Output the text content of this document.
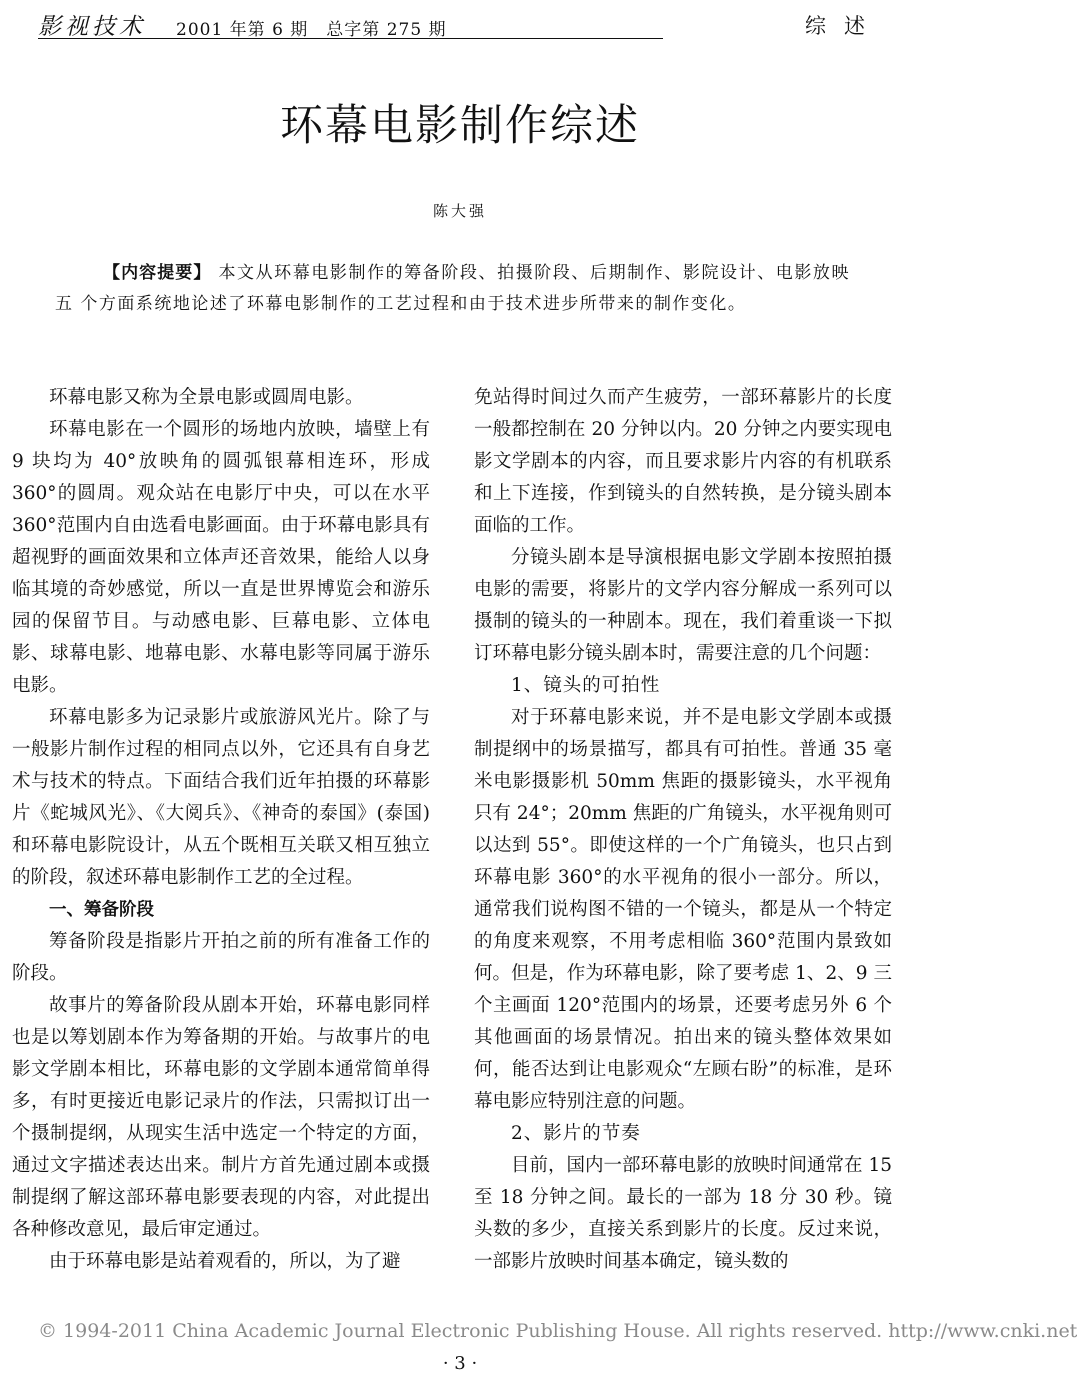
影视技术 2001 年第 6 期　总字第 275 期	综述
环幕电影制作综述
陈大强
【内容提要】 本文从环幕电影制作的筹备阶段、拍摄阶段、后期制作、影院设计、电影放映五 个方面系统地论述了环幕电影制作的工艺过程和由于技术进步所带来的制作变化。

环幕电影又称为全景电影或圆周电影。

环幕电影在一个圆形的场地内放映，墙壁上有 9 块均为 40°放映角的圆弧银幕相连环，形成 360°的圆周。观众站在电影厅中央，可以在水平 360°范围内自由选看电影画面。由于环幕电影具有超视野的画面效果和立体声还音效果，能给人以身临其境的奇妙感觉，所以一直是世界博览会和游乐园的保留节目。与动感电影、巨幕电影、立体电影、球幕电影、地幕电影、水幕电影等同属于游乐电影。

环幕电影多为记录影片或旅游风光片。除了与一般影片制作过程的相同点以外，它还具有自身艺术与技术的特点。下面结合我们近年拍摄的环幕影片《蛇城风光》、《大阅兵》、《神奇的泰国》(泰国)和环幕电影院设计，从五个既相互关联又相互独立的阶段，叙述环幕电影制作工艺的全过程。

一、筹备阶段

筹备阶段是指影片开拍之前的所有准备工作的阶段。

故事片的筹备阶段从剧本开始，环幕电影同样也是以筹划剧本作为筹备期的开始。与故事片的电影文学剧本相比，环幕电影的文学剧本通常简单得多，有时更接近电影记录片的作法，只需拟订出一个摄制提纲，从现实生活中选定一个特定的方面，通过文字描述表达出来。制片方首先通过剧本或摄制提纲了解这部环幕电影要表现的内容，对此提出各种修改意见，最后审定通过。

由于环幕电影是站着观看的，所以，为了避

免站得时间过久而产生疲劳，一部环幕影片的长度一般都控制在 20 分钟以内。20 分钟之内要实现电影文学剧本的内容，而且要求影片内容的有机联系和上下连接，作到镜头的自然转换，是分镜头剧本面临的工作。

分镜头剧本是导演根据电影文学剧本按照拍摄电影的需要，将影片的文学内容分解成一系列可以摄制的镜头的一种剧本。现在，我们着重谈一下拟订环幕电影分镜头剧本时，需要注意的几个问题：

1、镜头的可拍性

对于环幕电影来说，并不是电影文学剧本或摄制提纲中的场景描写，都具有可拍性。普通 35 毫米电影摄影机 50mm 焦距的摄影镜头，水平视角只有 24°；20mm 焦距的广角镜头，水平视角则可以达到 55°。即使这样的一个广角镜头，也只占到环幕电影 360°的水平视角的很小一部分。所以，通常我们说构图不错的一个镜头，都是从一个特定的角度来观察，不用考虑相临 360°范围内景致如何。但是，作为环幕电影，除了要考虑 1、2、9 三个主画面 120°范围内的场景，还要考虑另外 6 个其他画面的场景情况。拍出来的镜头整体效果如何，能否达到让电影观众“左顾右盼”的标准，是环幕电影应特别注意的问题。

2、影片的节奏

目前，国内一部环幕电影的放映时间通常在 15 至 18 分钟之间。最长的一部为 18 分 30 秒。镜头数的多少，直接关系到影片的长度。反过来说，一部影片放映时间基本确定，镜头数的

© 1994-2011 China Academic Journal Electronic Publishing House. All rights reserved. http://www.cnki.net
· 3 ·
